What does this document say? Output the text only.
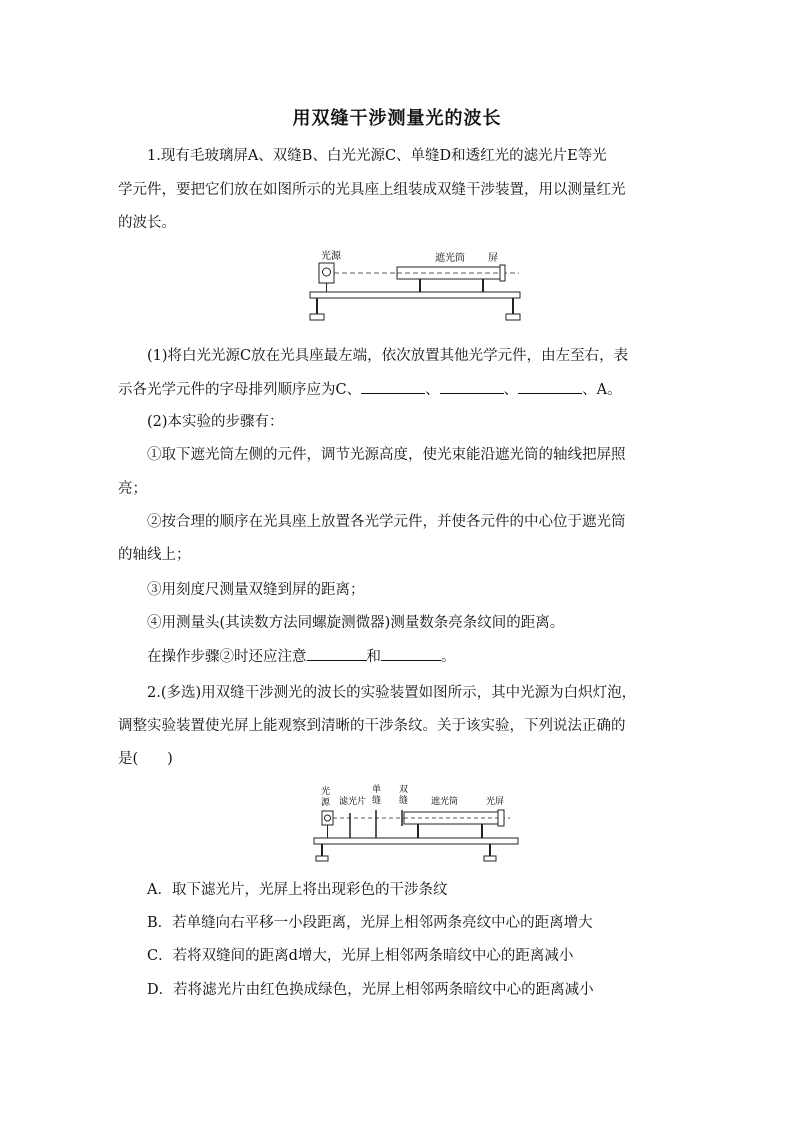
用双缝干涉测量光的波长
1.现有毛玻璃屏A、双缝B、白光光源C、单缝D和透红光的滤光片E等光
学元件，要把它们放在如图所示的光具座上组装成双缝干涉装置，用以测量红光
的波长。
光源	遮光筒 屏
(1)将白光光源C放在光具座最左端，依次放置其他光学元件，由左至右，表
示各光学元件的字母排列顺序应为C、	、	、	、A。
(2)本实验的步骤有：
①取下遮光筒左侧的元件，调节光源高度，使光束能沿遮光筒的轴线把屏照
亮；
②按合理的顺序在光具座上放置各光学元件，并使各元件的中心位于遮光筒
的轴线上；
③用刻度尺测量双缝到屏的距离；
④用测量头(其读数方法同螺旋测微器)测量数条亮条纹间的距离。
在操作步骤②时还应注意	和	。
2.(多选)用双缝干涉测光的波长的实验装置如图所示，其中光源为白炽灯泡，
调整实验装置使光屏上能观察到清晰的干涉条纹。关于该实验，下列说法正确的
是(　　)
光
源 滤光片
单
缝
双
缝	遮光筒	光屏
A．取下滤光片，光屏上将出现彩色的干涉条纹
B．若单缝向右平移一小段距离，光屏上相邻两条亮纹中心的距离增大
C．若将双缝间的距离d增大，光屏上相邻两条暗纹中心的距离减小
D．若将滤光片由红色换成绿色，光屏上相邻两条暗纹中心的距离减小
